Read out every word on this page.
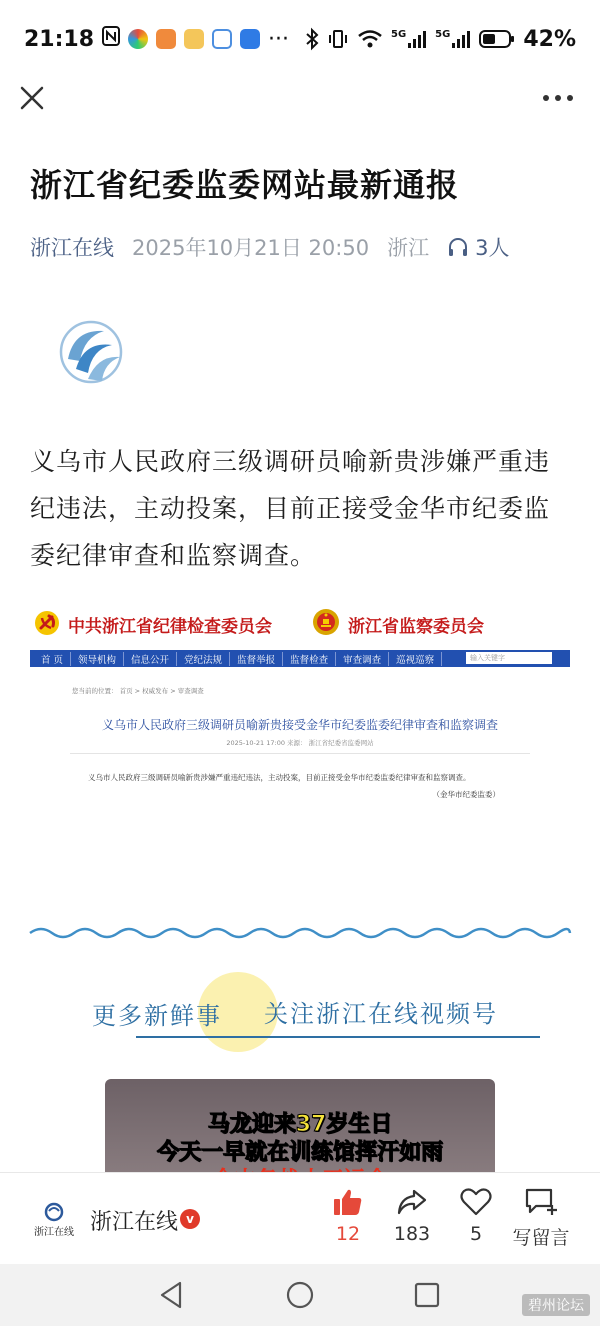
21:18	···	5G	5G	42%
浙江省纪委监委网站最新通报
浙江在线 2025年10月21日 20:50 浙江 3人

义乌市人民政府三级调研员喻新贵涉嫌严重违纪违法，主动投案，目前正接受金华市纪委监委纪律审查和监察调查。

中共浙江省纪律检查委员会	浙江省监察委员会
首 页	领导机构	信息公开	党纪法规	监督举报	监督检查	审查调查	巡视巡察	输入关键字
您当前的位置： 首页 > 权威发布 > 审查调查
义乌市人民政府三级调研员喻新贵接受金华市纪委监委纪律审查和监察调查
2025-10-21 17:00 来源： 浙江省纪委省监委网站
义乌市人民政府三级调研员喻新贵涉嫌严重违纪违法，主动投案，目前正接受金华市纪委监委纪律审查和监察调查。
（金华市纪委监委）
更多新鲜事 关注浙江在线视频号
马龙迎来37岁生日
今天一早就在训练馆挥汗如雨
浙江在线 浙江在线 v
12	183	5	写留言
碧州论坛
